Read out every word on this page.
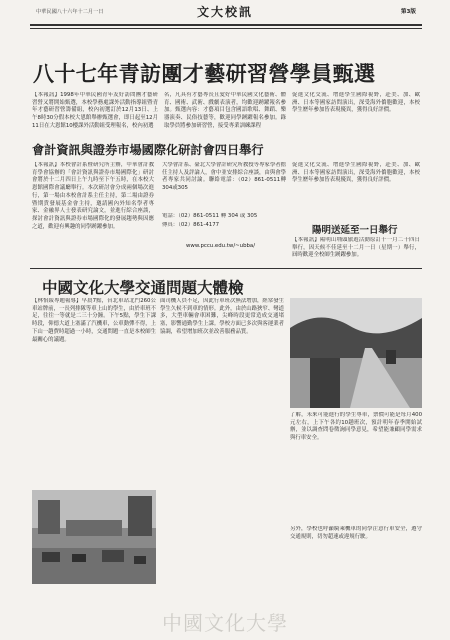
中華民國八十六年十二月一日	文大校訊	第3版
八十七年青訪團才藝研習營學員甄選
【本報訊】1998年中華民國青年友好訪問團才藝研習營又將開始甄選，本校學務處課外活動指導組暨青年才藝研習營籌備組，校內初選訂於12月13日、上午8時30分假本校大恩館舉辦甄選會，即日起至12月11日在大恩館10樓課外活動組受理報名，校內初選
名，凡具有才藝專長且愛好中華民國文化藝術、體育、國術、武術、戲劇表演者，均歡迎踴躍報名參加。甄選內容：才藝項目包含國語歌唱、舞蹈、樂器演奏、民俗技藝等，歡迎同學踴躍報名參加。錄取學員將參加研習營，接受專業訓練課程
促進文化交流、增進學生國際視野，赴美、加、歐洲、日本等國家訪問演出，深受海外僑胞歡迎，本校學生歷年參加皆表現優異，獲得良好評價。
會計資訊與證券市場國際化研討會四日舉行
【本報訊】本校會計系暨研究所主辦，中華會計教育學會協辦的「會計資訊與證券市場國際化」研討會將於十二月四日上午九時至下午五時，在本校大恩館國際會議廳舉行。本次研討會分成兩個場次進行，第一場由本校會計系主任主持，第二場由證券暨期貨發展基金會主持，邀請國內外知名學者專家、金融界人士發表研究論文，並進行綜合座談，探討會計資訊與證券市場國際化的發展趨勢與因應之道，歡迎有興趣的同學踴躍參加。
大學會計系、臺北大學會計研究所教授等專家學者擔任主持人及評論人，會中並安排綜合座談，由與會學者專家共同討論。聯絡電話：（02）861-0511轉304或305
電話：（02）861-0511 轉 304 或 305
傳真：（02）861-4177
www.pccu.edu.tw/~ubba/
促進文化交流、增進學生國際視野，赴美、加、歐洲、日本等國家訪問演出，深受海外僑胞歡迎，本校學生歷年參加皆表現優異，獲得良好評價。
陽明送延至一日舉行
【本報訊】陽明山埔頭旅遊活動原訂十一月二十四日舉行，因天候不佳延至十二月一日（星期一）舉行，屆時歡迎全校師生踴躍參加。
中國文化大學交通問題大體檢
【林怡綾專題報導】早晨7點，台北車站北門260公車站牌前，一長列排隊等車上山的學生，由於車班不足，往往一等就是二三十分鐘。下午5點，學生下課時段，仰德大道上塞滿了汽機車，公車動彈不得，上下山一趟費時超過一小時，交通問題一直是本校師生最關心的議題。
面司機人員不足，因此行車班次無法增加，經常發生學生久候不到車的情形。此外，由於山路狹窄、彎道多，大型車輛會車困難，尖峰時段更常造成交通堵塞，影響通勤學生上課。學校方面已多次與客運業者協調，希望增加班次並改善服務品質。
了解，未來可能進行的學生專車，票價可能是每月400元左右，上下午各約10趟班次，預計明年春季開始試辦，並以調查問卷徵詢同學意見，希望能兼顧同學需求與行車安全。
另外，學校也呼籲騎乘機車的同學注意行車安全，遵守交通規則，切勿超速或違規行駛。
中國文化大學
